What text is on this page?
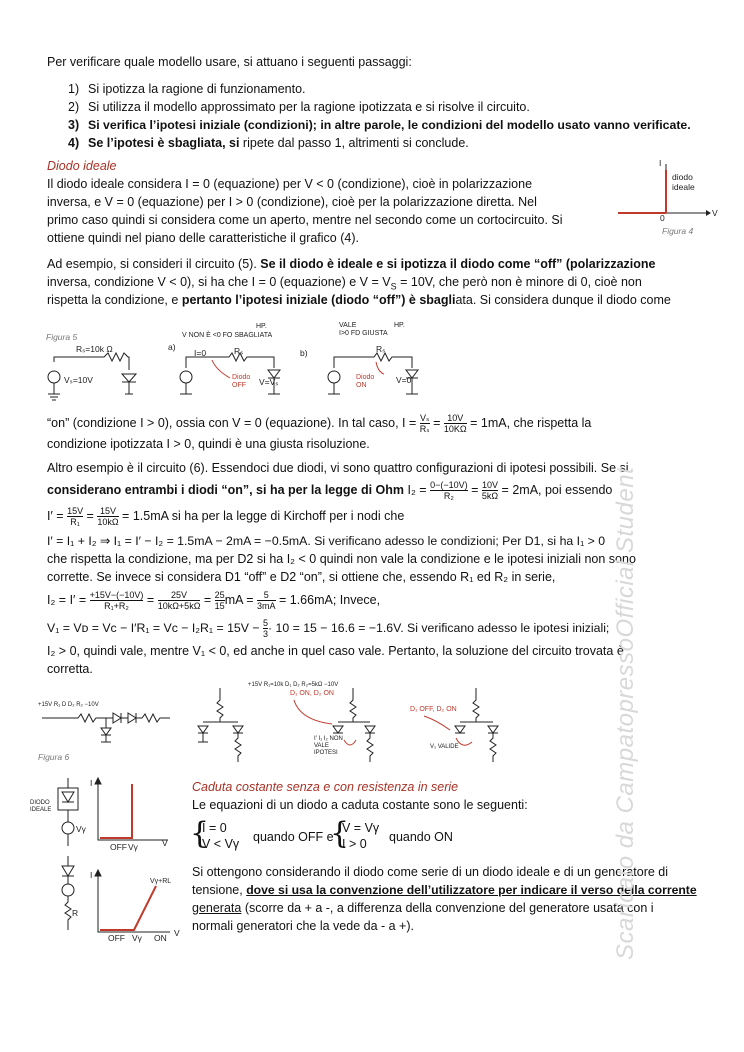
Per verificare quale modello usare, si attuano i seguenti passaggi:
1) Si ipotizza la ragione di funzionamento.
2) Si utilizza il modello approssimato per la ragione ipotizzata e si risolve il circuito.
3) Si verifica l’ipotesi iniziale (condizioni); in altre parole, le condizioni del modello usato vanno verificate.
4) Se l’ipotesi è sbagliata, si ripete dal passo 1, altrimenti si conclude.
Diodo ideale
Il diodo ideale considera I = 0 (equazione) per V < 0 (condizione), cioè in polarizzazione
inversa, e V = 0 (equazione) per I > 0 (condizione), cioè per la polarizzazione diretta. Nel
primo caso quindi si considera come un aperto, mentre nel secondo come un cortocircuito. Si
ottiene quindi nel piano delle caratteristiche il grafico (4).
I
V
0
diodo ideale
Figura 4
Ad esempio, si consideri il circuito (5). Se il diodo è ideale e si ipotizza il diodo come “off” (polarizzazione
inversa, condizione V < 0), si ha che I = 0 (equazione) e $V = V_S = 10V$, che però non è minore di 0, cioè non
rispetta la condizione, e pertanto l’ipotesi iniziale (diodo “off”) è sbagliata. Si considera dunque il diodo come
Figura 5
Rₛ=10k Ω
Vₛ=10V
a)
V NON È <0 FO SBAGLIATA
HP.
I=0	Rₛ
Diodo OFF	V=Vₛ
b)
I>0 FD GIUSTA
VALE	HP.
Rₛ
Diodo ON
V=0
“on” (condizione I > 0), ossia con V = 0 (equazione). In tal caso, $I = \frac{\text{Vₛ}}{\text{Rₛ}} = \frac{10V}{10K\Omega} = 1mA$, che rispetta la
condizione ipotizzata I > 0, quindi è una giusta risoluzione.
Altro esempio è il circuito (6). Essendoci due diodi, vi sono quattro configurazioni di ipotesi possibili. Se si
considerano entrambi i diodi “on”, si ha per la legge di Ohm $I_2 = \frac{0-(-10V)}{\text{R₂}} = \frac{10V}{5k\Omega} = 2mA$, poi essendo
$I' = \frac{15V}{\text{R₁}} = \frac{15V}{10k\Omega} = 1.5mA$ si ha per la legge di Kirchoff per i nodi che
I′ = I₁ + I₂ ⇒ I₁ = I′ − I₂ = 1.5mA − 2mA = −0.5mA. Si verificano adesso le condizioni; Per D1, si ha I₁ > 0
che rispetta la condizione, ma per D2 si ha I₂ < 0 quindi non vale la condizione e le ipotesi iniziali non sono
corrette. Se invece si considera D1 “off” e D2 “on”, si ottiene che, essendo R₁ ed R₂ in serie,
$I_2 = I' = \frac{+15V-(-10V)}{\text{R₁+R₂}} = \frac{25V}{10k\Omega+5k\Omega} = \frac{25}{15}$ mA = $\frac{5}{3mA} = 1.66mA$; Invece,
V₁ = Vᴅ = Vᴄ − I′R₁ = Vᴄ − $I_2R_1 = 15V - \frac{5}{3} \cdot 10 = 15 - 16.6 = -1.6V$. Si verificano adesso le ipotesi iniziali;
I₂ > 0, quindi vale, mentre V₁ < 0, ed anche in quel caso vale. Pertanto, la soluzione del circuito trovata è
corretta.
Figura 6
+15V R₁ D D₂ R₂ −10V
+15V R₁=10k D₁ D₂ R₂=5kΩ −10V
D₁ ON, D₂ ON
I′ I₁ I₂ NON VALE IPOTESI
D₁ OFF, D₂ ON
V₁ VALIDE
Caduta costante senza e con resistenza in serie
Le equazioni di un diodo a caduta costante sono le seguenti:
{
I = 0
V < Vγ quando OFF e
{
V = Vγ
I > 0 quando ON
Si ottengono considerando il diodo come serie di un diodo ideale e di un generatore di
tensione, dove si usa la convenzione dell’utilizzatore per indicare il verso della corrente
generata (scorre da + a -, a differenza della convenzione del generatore usata con i
normali generatori che la vede da - a +).
DIODO IDEALE
Vγ
I
OFF Vγ	V
I
R
Vγ+RL
OFF Vγ ON V	Scaricato da CampatopressoOfficial Student
